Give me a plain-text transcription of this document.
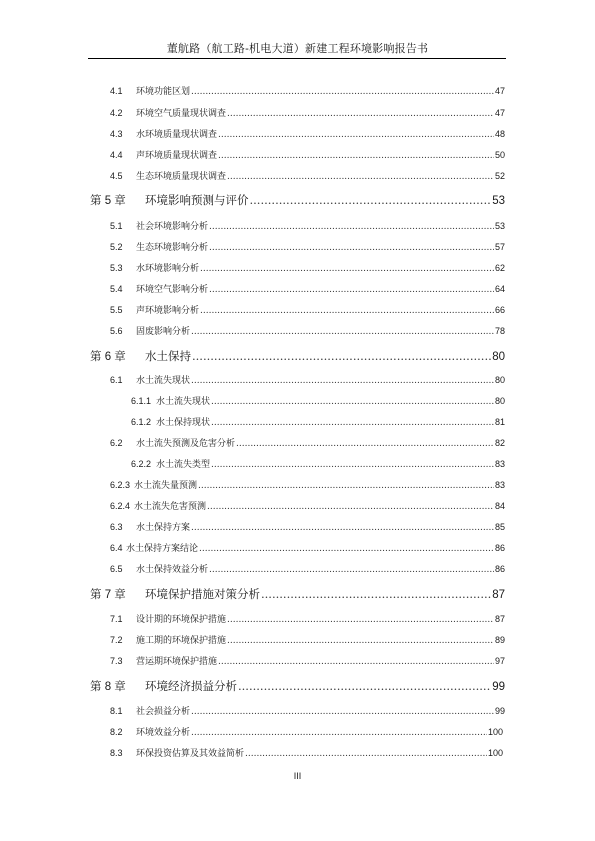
董航路（航工路-机电大道）新建工程环境影响报告书
4.1	环境功能区划 .....	47
4.2	环境空气质量现状调查 .....	47
4.3	水环境质量现状调查 .....	48
4.4	声环境质量现状调查 .....	50
4.5	生态环境质量现状调查 .....	52
第 5 章	环境影响预测与评价 .....	53
5.1	社会环境影响分析 .....	53
5.2	生态环境影响分析 .....	57
5.3	水环境影响分析 .....	62
5.4	环境空气影响分析 .....	64
5.5	声环境影响分析 .....	66
5.6	固废影响分析 .....	78
第 6 章	水土保持 .....	80
6.1	水土流失现状 .....	80
6.1.1 水土流失现状 .....	80
6.1.2 水土保持现状 .....	81
6.2	水土流失预测及危害分析 .....	82
6.2.2 水土流失类型 .....	83
6.2.3 水土流失量预测 .....	83
6.2.4 水土流失危害预测 .....	84
6.3	水土保持方案 .....	85
6.4 水土保持方案结论 .....	86
6.5	水土保持效益分析 .....	86
第 7 章	环境保护措施对策分析 .....	87
7.1	设计期的环境保护措施 .....	87
7.2	施工期的环境保护措施 .....	89
7.3	营运期环境保护措施 .....	97
第 8 章	环境经济损益分析 .....	99
8.1	社会损益分析 .....	99
8.2	环境效益分析 .....	100
8.3	环保投资估算及其效益简析 .....	100
III
